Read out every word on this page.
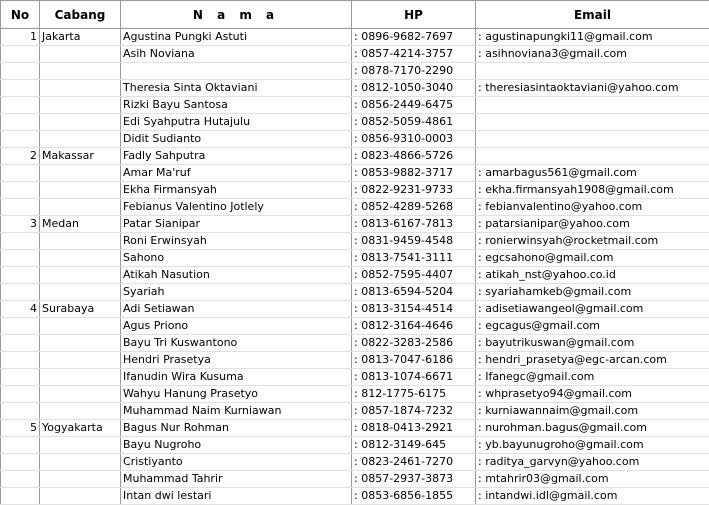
No	Cabang	N a m a	HP	Email
1	Jakarta	Agustina Pungki Astuti	: 0896-9682-7697	: agustinapungki11@gmail.com
		Asih Noviana	: 0857-4214-3757	: asihnoviana3@gmail.com
			: 0878-7170-2290	
		Theresia Sinta Oktaviani	: 0812-1050-3040	: theresiasintaoktaviani@yahoo.com
		Rizki Bayu Santosa	: 0856-2449-6475	
		Edi Syahputra Hutajulu	: 0852-5059-4861	
		Didit Sudianto	: 0856-9310-0003	
2	Makassar	Fadly Sahputra	: 0823-4866-5726	
		Amar Ma'ruf	: 0853-9882-3717	: amarbagus561@gmail.com
		Ekha Firmansyah	: 0822-9231-9733	: ekha.firmansyah1908@gmail.com
		Febianus Valentino Jotlely	: 0852-4289-5268	: febianvalentino@yahoo.com
3	Medan	Patar Sianipar	: 0813-6167-7813	: patarsianipar@yahoo.com
		Roni Erwinsyah	: 0831-9459-4548	: ronierwinsyah@rocketmail.com
		Sahono	: 0813-7541-3111	: egcsahono@gmail.com
		Atikah Nasution	: 0852-7595-4407	: atikah_nst@yahoo.co.id
		Syariah	: 0813-6594-5204	: syariahamkeb@gmail.com
4	Surabaya	Adi Setiawan	: 0813-3154-4514	: adisetiawangeol@gmail.com
		Agus Priono	: 0812-3164-4646	: egcagus@gmail.com
		Bayu Tri Kuswantono	: 0822-3283-2586	: bayutrikuswan@gmail.com
		Hendri Prasetya	: 0813-7047-6186	: hendri_prasetya@egc-arcan.com
		Ifanudin Wira Kusuma	: 0813-1074-6671	: Ifanegc@gmail.com
		Wahyu Hanung Prasetyo	: 812-1775-6175	: whprasetyo94@gmail.com
		Muhammad Naim Kurniawan	: 0857-1874-7232	: kurniawannaim@gmail.com
5	Yogyakarta	Bagus Nur Rohman	: 0818-0413-2921	: nurohman.bagus@gmail.com
		Bayu Nugroho	: 0812-3149-645	: yb.bayunugroho@gmail.com
		Cristiyanto	: 0823-2461-7270	: raditya_garvyn@yahoo.com
		Muhammad Tahrir	: 0857-2937-3873	: mtahrir03@gmail.com
		Intan dwi lestari	: 0853-6856-1855	: intandwi.idl@gmail.com
